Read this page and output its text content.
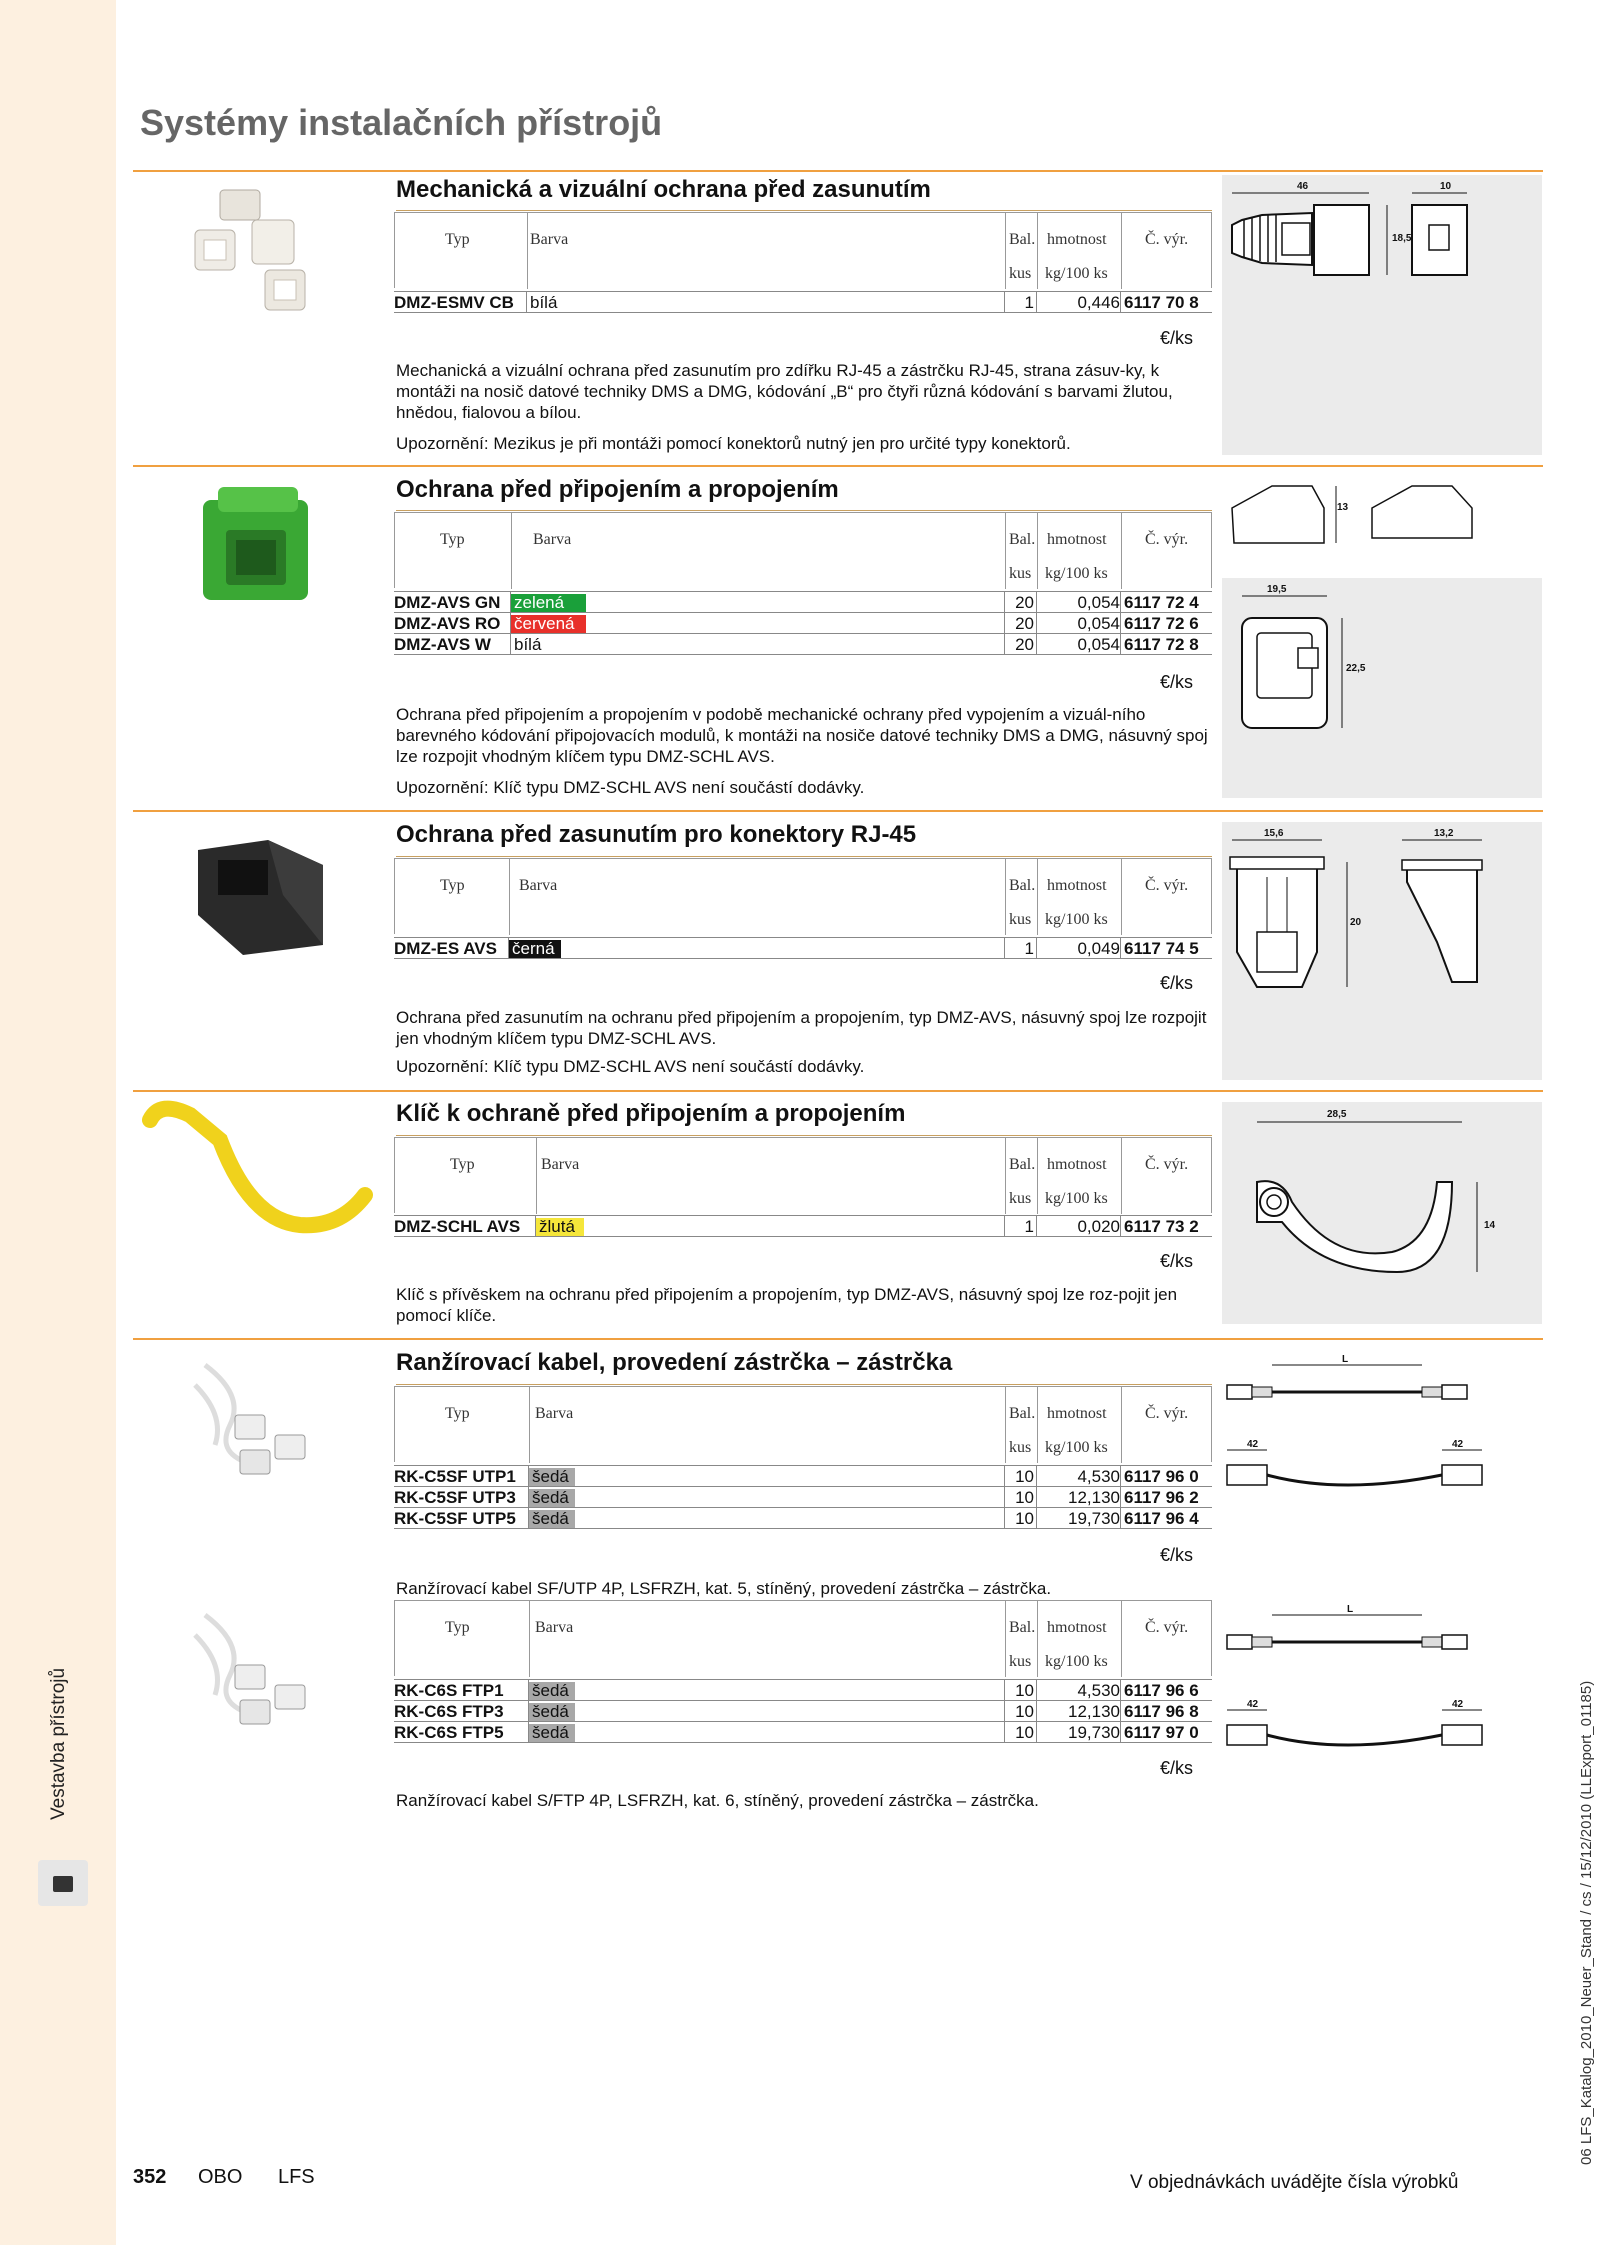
Vestavba přístrojů
Systémy instalačních přístrojů
06 LFS_Katalog_2010_Neuer_Stand / cs / 15/12/2010 (LLExport_01185)
Mechanická a vizuální ochrana před zasunutím
Typ	Barva	Bal. hmotnost Č. výr.
kus kg/100 ks
DMZ-ESMV CB bílá	1	0,446 6117 70 8
€/ks
Mechanická a vizuální ochrana před zasunutím pro zdířku RJ-45 a zástrčku RJ-45, strana zásuv-ky, k montáži na nosič datové techniky DMS a DMG, kódování „B“ pro čtyři různá kódování s barvami žlutou, hnědou, fialovou a bílou.
Upozornění: Mezikus je při montáži pomocí konektorů nutný jen pro určité typy konektorů.
46	10
18,5
Ochrana před připojením a propojením
Typ	Barva	Bal. hmotnost Č. výr.
kus kg/100 ks
DMZ-AVS GN zelená	20	0,054 6117 72 4
DMZ-AVS RO červená	20	0,054 6117 72 6
DMZ-AVS W bílá	20	0,054 6117 72 8
€/ks
Ochrana před připojením a propojením v podobě mechanické ochrany před vypojením a vizuál-ního barevného kódování připojovacích modulů, k montáži na nosiče datové techniky DMS a DMG, násuvný spoj lze rozpojit vhodným klíčem typu DMZ-SCHL AVS.
Upozornění: Klíč typu DMZ-SCHL AVS není součástí dodávky.
13
19,5
22,5
Ochrana před zasunutím pro konektory RJ-45
Typ	Barva	Bal. hmotnost Č. výr.
kus kg/100 ks
DMZ-ES AVS černá	1	0,049 6117 74 5
€/ks
Ochrana před zasunutím na ochranu před připojením a propojením, typ DMZ-AVS, násuvný spoj lze rozpojit jen vhodným klíčem typu DMZ-SCHL AVS.
Upozornění: Klíč typu DMZ-SCHL AVS není součástí dodávky.
15,6	13,2
20
Klíč k ochraně před připojením a propojením
Typ	Barva	Bal. hmotnost Č. výr.
kus kg/100 ks
DMZ-SCHL AVS žlutá	1	0,020 6117 73 2
€/ks
Klíč s přívěskem na ochranu před připojením a propojením, typ DMZ-AVS, násuvný spoj lze roz-pojit jen pomocí klíče.
28,5
14
Ranžírovací kabel, provedení zástrčka – zástrčka
Typ	Barva	Bal. hmotnost Č. výr.
kus kg/100 ks
RK-C5SF UTP1 šedá	10	4,530 6117 96 0
RK-C5SF UTP3 šedá	10	12,130 6117 96 2
RK-C5SF UTP5 šedá	10	19,730 6117 96 4
€/ks
Ranžírovací kabel SF/UTP 4P, LSFRZH, kat. 5, stíněný, provedení zástrčka – zástrčka.
L
42	42
Typ	Barva	Bal. hmotnost Č. výr.
kus kg/100 ks
RK-C6S FTP1 šedá	10	4,530 6117 96 6
RK-C6S FTP3 šedá	10	12,130 6117 96 8
RK-C6S FTP5 šedá	10	19,730 6117 97 0
€/ks
Ranžírovací kabel S/FTP 4P, LSFRZH, kat. 6, stíněný, provedení zástrčka – zástrčka.
L
42	42
352 OBO LFS	V objednávkách uvádějte čísla výrobků
